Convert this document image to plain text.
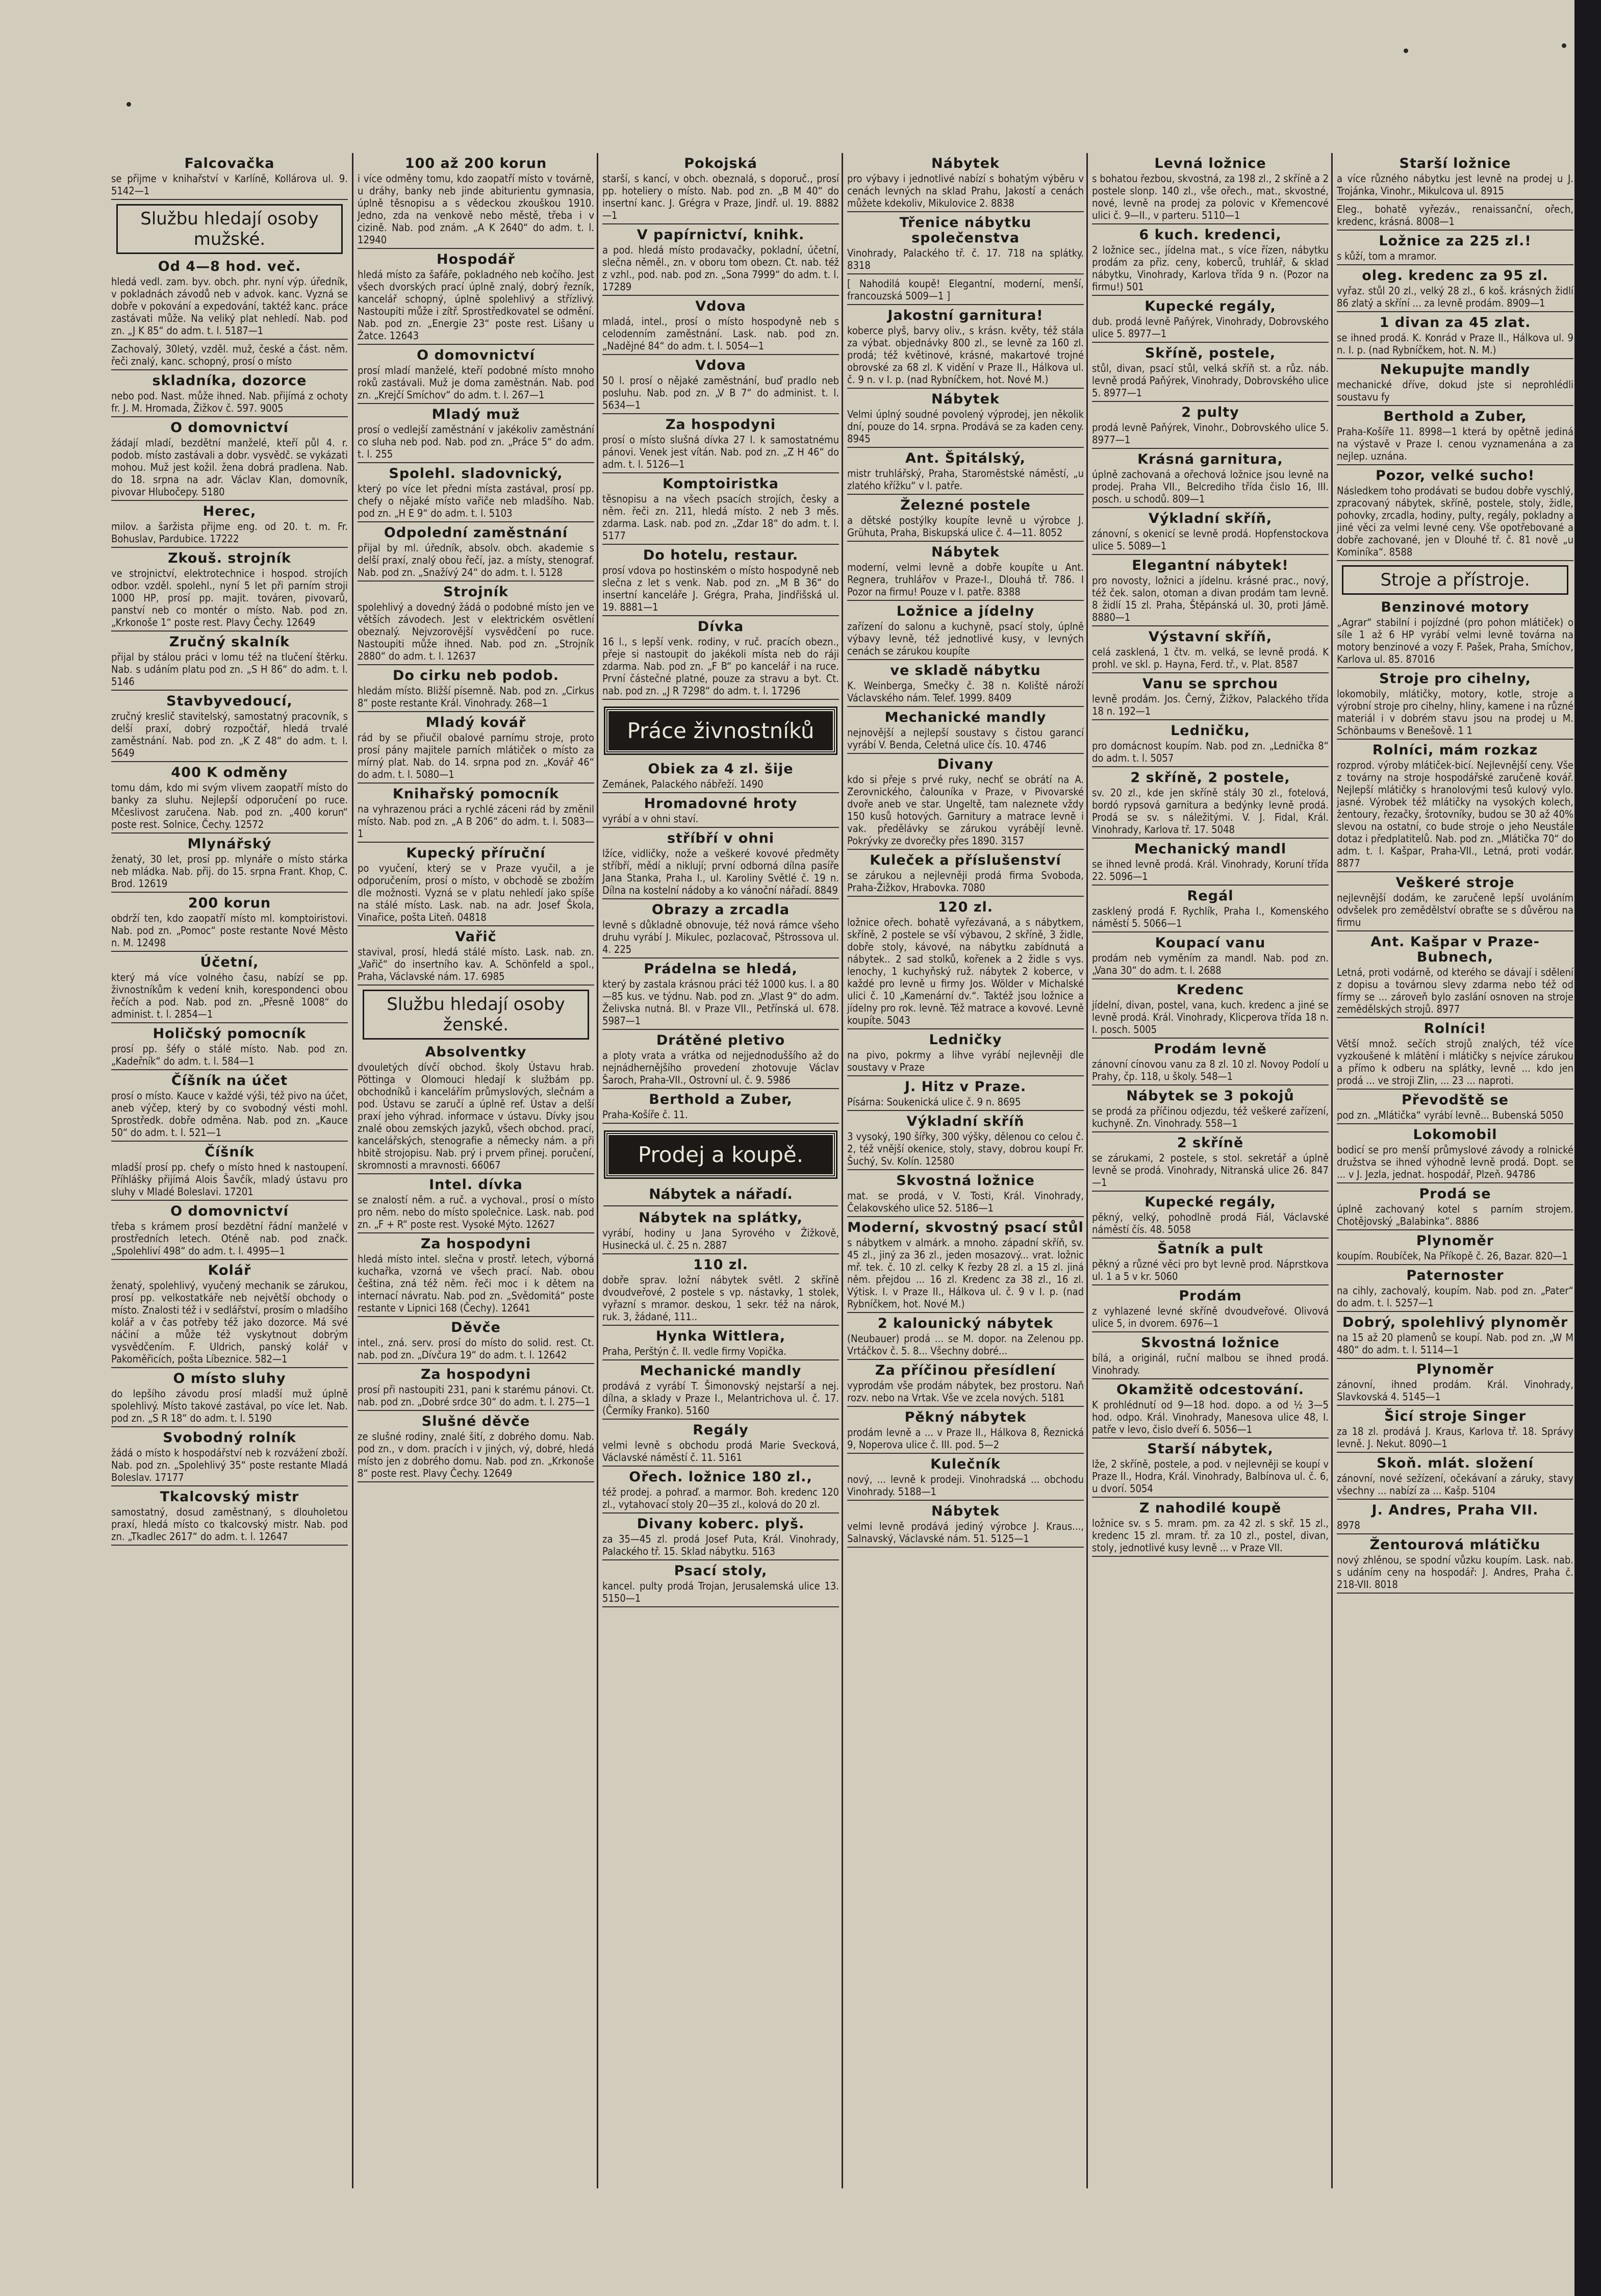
Falcovačka

se přijme v knihařství v Karlíně, Kollárova ul. 9. 5142—1

Službu hledají osoby mužské.
Od 4—8 hod. več.

hledá vedl. zam. byv. obch. phr. nyní výp. úředník, v pokladnách závodů neb v advok. kanc. Vyzná se dobře v pokování a expedování, taktéž kanc. práce zastávati může. Na veliký plat nehledí. Nab. pod zn. „J K 85“ do adm. t. l. 5187—1

Zachovalý, 30letý, vzděl. muž, české a část. něm. řeči znalý, kanc. schopný, prosí o místo

skladníka, dozorce

nebo pod. Nast. může ihned. Nab. přijímá z ochoty fr. J. M. Hromada, Žižkov č. 597. 9005

O domovnictví

žádají mladí, bezdětní manželé, kteří půl 4. r. podob. místo zastávali a dobr. vysvědč. se vykázati mohou. Muž jest kožil. žena dobrá pradlena. Nab. do 18. srpna na adr. Václav Klan, domovník, pivovar Hlubočepy. 5180

Herec,

milov. a šaržista přijme eng. od 20. t. m. Fr. Bohuslav, Pardubice. 17222

Zkouš. strojník

ve strojnictví, elektrotechnice i hospod. strojích odbor. vzděl. spolehl., nyní 5 let při parním stroji 1000 HP, prosí pp. majit. továren, pivovarů, panství neb co montér o místo. Nab. pod zn. „Krkonoše 1“ poste rest. Plavy Čechy. 12649

Zručný skalník

přijal by stálou práci v lomu též na tlučení štěrku. Nab. s udáním platu pod zn. „S H 86“ do adm. t. l. 5146

Stavbyvedoucí,

zručný kreslič stavitelský, samostatný pracovník, s delší praxí, dobrý rozpočtář, hledá trvalé zaměstnání. Nab. pod zn. „K Z 48“ do adm. t. l. 5649

400 K odměny

tomu dám, kdo mi svým vlivem zaopatří místo do banky za sluhu. Nejlepší odporučení po ruce. Mčeslivost zaručena. Nab. pod zn. „400 korun“ poste rest. Solnice, Čechy. 12572

Mlynářský

ženatý, 30 let, prosí pp. mlynáře o místo stárka neb mládka. Nab. přij. do 15. srpna Frant. Khop, C. Brod. 12619

200 korun

obdrží ten, kdo zaopatří místo ml. komptoiristovi. Nab. pod zn. „Pomoc“ poste restante Nové Město n. M. 12498

Účetní,

který má více volného času, nabízí se pp. živnostníkům k vedení knih, korespondenci obou řečích a pod. Nab. pod zn. „Přesně 1008“ do administ. t. l. 2854—1

Holičský pomocník

prosí pp. šéfy o stálé místo. Nab. pod zn. „Kadeřník“ do adm. t. l. 584—1

Číšník na účet

prosí o místo. Kauce v každé výši, též pivo na účet, aneb výčep, který by co svobodný vésti mohl. Sprostředk. dobře odměna. Nab. pod zn. „Kauce 50“ do adm. t. l. 521—1

Číšník

mladší prosí pp. chefy o místo hned k nastoupení. Příhlášky přijímá Alois Šavčík, mladý ústavu pro sluhy v Mladé Boleslavi. 17201

O domovnictví

třeba s krámem prosí bezdětní řádní manželé v prostředních letech. Oténě nab. pod značk. „Spolehliví 498“ do adm. t. l. 4995—1

Kolář

ženatý, spolehlivý, vyučený mechanik se zárukou, prosí pp. velkostatkáře neb největší obchody o místo. Znalosti též i v sedlářství, prosím o mladšího kolář a v čas potřeby též jako dozorce. Má své náčiní a může též vyskytnout dobrým vysvědčením. F. Uldrich, panský kolář v Pakoměřicích, pošta Líbeznice. 582—1

O místo sluhy

do lepšího závodu prosí mladší muž úplně spolehlivý. Místo takové zastával, po více let. Nab. pod zn. „S R 18“ do adm. t. l. 5190

Svobodný rolník

žádá o místo k hospodářství neb k rozvážení zboží. Nab. pod zn. „Spolehlivý 35“ poste restante Mladá Boleslav. 17177

Tkalcovský mistr

samostatný, dosud zaměstnaný, s dlouholetou praxí, hledá místo co tkalcovský mistr. Nab. pod zn. „Tkadlec 2617“ do adm. t. l. 12647

100 až 200 korun

i více odměny tomu, kdo zaopatří místo v továrně, u dráhy, banky neb jinde abiturientu gymnasia, úplně těsnopisu a s vědeckou zkouškou 1910. Jedno, zda na venkově nebo městě, třeba i v cizině. Nab. pod znám. „A K 2640“ do adm. t. l. 12940

Hospodář

hledá místo za šafáře, pokladného neb kočího. Jest všech dvorských prací úplně znalý, dobrý řezník, kancelář schopný, úplně spolehlivý a střízlivý. Nastoupiti může i zítř. Sprostředkovatel se odmění. Nab. pod zn. „Energie 23“ poste rest. Lišany u Žatce. 12643

O domovnictví

prosí mladí manželé, kteří podobné místo mnoho roků zastávali. Muž je doma zaměstnán. Nab. pod zn. „Krejčí Smíchov“ do adm. t. l. 267—1

Mladý muž

prosí o vedlejší zaměstnání v jakékoliv zaměstnání co sluha neb pod. Nab. pod zn. „Práce 5“ do adm. t. l. 255

Spolehl. sladovnický,

který po více let předni místa zastával, prosí pp. chefy o nějaké místo vařiče neb mladšího. Nab. pod zn. „H E 9“ do adm. t. l. 5103

Odpolední zaměstnání

přijal by ml. úředník, absolv. obch. akademie s delší praxí, znalý obou řečí, jaz. a místy, stenograf. Nab. pod zn. „Snažívý 24“ do adm. t. l. 5128

Strojník

spolehlivý a dovedný žádá o podobné místo jen ve větších závodech. Jest v elektrickém osvětlení obeznalý. Nejvzorovější vysvědčení po ruce. Nastoupiti může ihned. Nab. pod zn. „Strojník 2880“ do adm. t. l. 12637

Do cirku neb podob.

hledám místo. Bližší písemně. Nab. pod zn. „Cirkus 8“ poste restante Král. Vinohrady. 268—1

Mladý kovář

rád by se přiučil obalové parnímu stroje, proto prosí pány majitele parních mlátiček o místo za mírný plat. Nab. do 14. srpna pod zn. „Kovář 46“ do adm. t. l. 5080—1

Knihařský pomocník

na vyhrazenou práci a rychlé záceni rád by změnil místo. Nab. pod zn. „A B 206“ do adm. t. l. 5083—1

Kupecký příruční

po vyučení, který se v Praze vyučil, a je odporučením, prosí o místo, v obchodě se zbožím dle možnosti. Vyzná se v platu nehledí jako spíše na stálé místo. Lask. nab. na adr. Josef Škola, Vinařice, pošta Liteň. 04818

Vařič

stavival, prosí, hledá stálé místo. Lask. nab. zn. „Vařič“ do insertního kav. A. Schönfeld a spol., Praha, Václavské nám. 17. 6985

Službu hledají osoby ženské.
Absolventky

dvouletých dívčí obchod. školy Ústavu hrab. Pöttinga v Olomouci hledají k službám pp. obchodníků i kancelářím průmyslových, slečnám a pod. Ústavu se zaručí a úplně ref. Ústav a delší praxí jeho výhrad. informace v ústavu. Dívky jsou znalé obou zemských jazyků, všech obchod. prací, kancelářských, stenografie a německy nám. a při hbitě strojopisu. Nab. prý i prvem přinej. poručení, skromnosti a mravnosti. 66067

Intel. dívka

se znalostí něm. a ruč. a vychoval., prosí o místo pro něm. nebo do místo společnice. Lask. nab. pod zn. „F + R“ poste rest. Vysoké Mýto. 12627

Za hospodyni

hledá místo intel. slečna v prostř. letech, výborná kuchařka, vzorná ve všech prací. Nab. obou čeština, zná též něm. řeči moc i k dětem na internací návratu. Nab. pod zn. „Svědomitá“ poste restante v Lipnici 168 (Čechy). 12641

Děvče

intel., zná. serv. prosí do místo do solid. rest. Ct. nab. pod zn. „Dívčura 19“ do adm. t. l. 12642

Za hospodyni

prosí při nastoupiti 231, pani k starému pánovi. Ct. nab. pod zn. „Dobré srdce 30“ do adm. t. l. 275—1

Slušné děvče

ze slušné rodiny, znalé šití, z dobrého domu. Nab. pod zn., v dom. pracích i v jiných, vý, dobré, hledá místo jen z dobrého domu. Nab. pod zn. „Krkonoše 8“ poste rest. Plavy Čechy. 12649

Pokojská

starší, s kancí, v obch. obeznalá, s doporuč., prosí pp. hoteliery o místo. Nab. pod zn. „B M 40“ do insertní kanc. J. Grégra v Praze, Jindř. ul. 19. 8882—1

V papírnictví, knihk.

a pod. hledá místo prodavačky, pokladní, účetní, slečna něměl., zn. v oboru tom obezn. Ct. nab. též z vzhl., pod. nab. pod zn. „Sona 7999“ do adm. t. l. 17289

Vdova

mladá, intel., prosí o místo hospodyně neb s celodenním zaměstnání. Lask. nab. pod zn. „Nadějné 84“ do adm. t. l. 5054—1

Vdova

50 l. prosí o nějaké zaměstnání, buď pradlo neb posluhu. Nab. pod zn. „V B 7“ do administ. t. l. 5634—1

Za hospodyni

prosí o místo slušná dívka 27 l. k samostatnému pánovi. Venek jest vítán. Nab. pod zn. „Z H 46“ do adm. t. l. 5126—1

Komptoiristka

těsnopisu a na všech psacích strojích, česky a něm. řeči zn. 211, hledá místo. 2 neb 3 měs. zdarma. Lask. nab. pod zn. „Zdar 18“ do adm. t. l. 5177

Do hotelu, restaur.

prosí vdova po hostinském o místo hospodyně neb slečna z let s venk. Nab. pod zn. „M B 36“ do insertní kanceláře J. Grégra, Praha, Jindřišská ul. 19. 8881—1

Dívka

16 l., s lepší venk. rodiny, v ruč. pracích obezn., přeje si nastoupit do jakékoli místa neb do ráji zdarma. Nab. pod zn. „F B“ po kancelář i na ruce. První částečné platné, pouze za stravu a byt. Ct. nab. pod zn. „J R 7298“ do adm. t. l. 17296

Práce živnostníků
Obiek za 4 zl. šije

Zemánek, Palackého nábřeží. 1490

Hromadovné hroty

vyrábí a v ohni staví.

stříbří v ohni

lžíce, vidličky, nože a veškeré kovové předměty stříbří, mědí a niklují; první odborná dílna pasíře Jana Stanka, Praha I., ul. Karoliny Světlé č. 19 n. Dílna na kostelní nádoby a ko vánoční nářadí. 8849

Obrazy a zrcadla

levně s důkladně obnovuje, též nová rámce všeho druhu vyrábí J. Mikulec, pozlacovač, Pštrossova ul. 4. 225

Prádelna se hledá,

který by zastala krásnou práci též 1000 kus. l. a 80—85 kus. ve týdnu. Nab. pod zn. „Vlast 9“ do adm. Želivska nutná. Bl. v Praze VII., Petřínská ul. 678. 5987—1

Drátěné pletivo

a ploty vrata a vrátka od nejjednoduššího až do nejnádhernějšího provedení zhotovuje Václav Šaroch, Praha-VII., Ostrovní ul. č. 9. 5986

Berthold a Zuber,

Praha-Košíře č. 11.

Prodej a koupě.
Nábytek a nářadí.
Nábytek na splátky,

vyrábí, hodiny u Jana Syrového v Žižkově, Husinecká ul. č. 25 n. 2887

110 zl.

dobře sprav. ložní nábytek světl. 2 skříně dvoudveřové, 2 postele s vp. nástavky, 1 stolek, vyřazní s mramor. deskou, 1 sekr. též na nárok, ruk. 3, žádané, 111..

Hynka Wittlera,

Praha, Perštýn č. II. vedle firmy Vopička.

Mechanické mandly

prodává z vyrábí T. Šimonovský nejstarší a nej. dílna, a sklady v Praze I., Melantrichova ul. č. 17. (Čermíky Franko). 5160

Regály

velmi levně s obchodu prodá Marie Svecková, Václavské náměstí č. 11. 5161

Ořech. ložnice 180 zl.,

též prodej. a pohraď. a marmor. Boh. kredenc 120 zl., vytahovací stoly 20—35 zl., kolová do 20 zl.

Divany koberc. plyš.

za 35—45 zl. prodá Josef Puta, Král. Vinohrady, Palackého tř. 15. Sklad nábytku. 5163

Psací stoly,

kancel. pulty prodá Trojan, Jerusalemská ulice 13. 5150—1

Nábytek

pro výbavy i jednotlivé nabízí s bohatým výběru v cenách levných na sklad Prahu, Jakostí a cenách můžete kdekoliv, Mikulovice 2. 8838

Třenice nábytku společenstva

Vinohrady, Palackého tř. č. 17. 718 na splátky. 8318

[ Nahodilá koupě! Elegantní, moderní, menší, francouzská 5009—1 ]

Jakostní garnitura!

koberce plyš, barvy oliv., s krásn. květy, též stála za výbat. objednávky 800 zl., se levně za 160 zl. prodá; též květinové, krásné, makartové trojné obrovské za 68 zl. K vidění v Praze II., Hálkova ul. č. 9 n. v I. p. (nad Rybníčkem, hot. Nové M.)

Nábytek

Velmi úplný soudné povolený výprodej, jen několik dní, pouze do 14. srpna. Prodává se za kaden ceny. 8945

Ant. Špitálský,

mistr truhlářský, Praha, Staroměstské náměstí, „u zlatého křížku“ v l. patře.

Železné postele

a dětské postýlky koupíte levně u výrobce J. Grühuta, Praha, Biskupská ulice č. 4—11. 8052

Nábytek

moderní, velmi levně a dobře koupíte u Ant. Regnera, truhlářov v Praze-I., Dlouhá tř. 786. I Pozor na firmu! Pouze v I. patře. 8388

Ložnice a jídelny

zařízení do salonu a kuchyně, psací stoly, úplně výbavy levně, též jednotlivé kusy, v levných cenách se zárukou koupíte

ve skladě nábytku

K. Weinberga, Smečky č. 38 n. Koliště nároží Václavského nám. Telef. 1999. 8409

Mechanické mandly

nejnovější a nejlepší soustavy s čistou garancí vyrábí V. Benda, Celetná ulice čís. 10. 4746

Divany

kdo si přeje s prvé ruky, nechť se obrátí na A. Zerovnického, čalouníka v Praze, v Pivovarské dvoře aneb ve star. Ungeltě, tam naleznete vždy 150 kusů hotových. Garnitury a matrace levně i vak. předělávky se zárukou vyrábějí levně. Pokrývky ze dvorečky přes 1890. 3157

Kuleček a příslušenství

se zárukou a nejlevněji prodá firma Svoboda, Praha-Žižkov, Hrabovka. 7080

120 zl.

ložnice ořech. bohatě vyřezávaná, a s nábytkem, skříně, 2 postele se vší výbavou, 2 skříně, 3 židle, dobře stoly, kávové, na nábytku zabídnutá a nábytek.. 2 sad stolků, kořenek a 2 židle s vys. lenochy, 1 kuchyňský ruž. nábytek 2 koberce, v každé pro levně u firmy Jos. Wölder v Michalské ulici č. 10 „Kamenární dv.“. Taktéž jsou ložnice a jídelny pro rok. levně. Též matrace a kovové. Levně koupíte. 5043

Ledničky

na pivo, pokrmy a lihve vyrábí nejlevněji dle soustavy v Praze

J. Hitz v Praze.

Písárna: Soukenická ulice č. 9 n. 8695

Výkladní skříň

3 vysoký, 190 šířky, 300 výšky, dělenou co celou č. 2, též vnější okenice, stoly, stavy, dobrou koupí Fr. Šuchý, Sv. Kolín. 12580

Skvostná ložnice

mat. se prodá, v V. Tosti, Král. Vinohrady, Čelakovského ulice 52. 5186—1

Moderní, skvostný psací stůl

s nábytkem v almárk. a mnoho. západní skříň, sv. 45 zl., jiný za 36 zl., jeden mosazový... vrat. ložnic mř. tek. č. 10 zl. celky K řezby 28 zl. a 15 zl. jiná něm. přejdou ... 16 zl. Kredenc za 38 zl., 16 zl. Výtisk. I. v Praze II., Hálkova ul. č. 9 v I. p. (nad Rybníčkem, hot. Nové M.)

2 kalounický nábytek

(Neubauer) prodá ... se M. dopor. na Zelenou pp. Vrtáčkov č. 5. 8... Všechny dobré...

Za příčinou přesídlení

vyprodám vše prodám nábytek, bez prostoru. Naň rozv. nebo na Vrtak. Vše ve zcela nových. 5181

Pěkný nábytek

prodám levně a ... v Praze II., Hálkova 8, Řeznická 9, Noperova ulice č. III. pod. 5—2

Kulečník

nový, ... levně k prodeji. Vinohradská ... obchodu Vinohrady. 5188—1

Nábytek

velmi levně prodává jediný výrobce J. Kraus..., Salnavský, Václavské nám. 51. 5125—1

Levná ložnice

s bohatou řezbou, skvostná, za 198 zl., 2 skříně a 2 postele slonp. 140 zl., vše ořech., mat., skvostné, nové, levně na prodej za polovic v Křemencové ulici č. 9—II., v parteru. 5110—1

6 kuch. kredenci,

2 ložnice sec., jídelna mat., s více řízen, nábytku prodám za přiz. ceny, koberců, truhlář, & sklad nábytku, Vinohrady, Karlova třída 9 n. (Pozor na firmu!) 501

Kupecké regály,

dub. prodá levně Paňýrek, Vinohrady, Dobrovského ulice 5. 8977—1

Skříně, postele,

stůl, divan, psací stůl, velká skříň st. a růz. náb. levně prodá Paňýrek, Vinohrady, Dobrovského ulice 5. 8977—1

2 pulty

prodá levně Paňýrek, Vinohr., Dobrovského ulice 5. 8977—1

Krásná garnitura,

úplně zachovaná a ořechová ložnice jsou levně na prodej. Praha VII., Belcrediho třída čislo 16, III. posch. u schodů. 809—1

Výkladní skříň,

zánovní, s okenicí se levně prodá. Hopfenstockova ulice 5. 5089—1

Elegantní nábytek!

pro novosty, ložnici a jídelnu. krásné prac., nový, též ček. salon, otoman a divan prodám tam levně. 8 židlí 15 zl. Praha, Štěpánská ul. 30, proti Jámě. 8880—1

Výstavní skříň,

celá zasklená, 1 čtv. m. velká, se levně prodá. K prohl. ve skl. p. Hayna, Ferd. tř., v. Plat. 8587

Vanu se sprchou

levně prodám. Jos. Černý, Žižkov, Palackého třída 18 n. 192—1

Ledničku,

pro domácnost koupím. Nab. pod zn. „Lednička 8“ do adm. t. l. 5057

2 skříně, 2 postele,

sv. 20 zl., kde jen skříně stály 30 zl., fotelová, bordó rypsová garnitura a bedýnky levně prodá. Prodá se sv. s náležitými. V. J. Fidal, Král. Vinohrady, Karlova tř. 17. 5048

Mechanický mandl

se ihned levně prodá. Král. Vinohrady, Koruní třída 22. 5096—1

Regál

zasklený prodá F. Rychlík, Praha I., Komenského náměstí 5. 5066—1

Koupací vanu

prodám neb vyměním za mandl. Nab. pod zn. „Vana 30“ do adm. t. l. 2688

Kredenc

jídelní, divan, postel, vana, kuch. kredenc a jiné se levně prodá. Král. Vinohrady, Klicperova třída 18 n. I. posch. 5005

Prodám levně

zánovní cínovou vanu za 8 zl. 10 zl. Novoy Podolí u Prahy, čp. 118, u školy. 548—1

Nábytek se 3 pokojů

se prodá za příčinou odjezdu, též veškeré zařízení, kuchyně. Zn. Vinohrady. 558—1

2 skříně

se zárukami, 2 postele, s stol. sekretář a úplně levně se prodá. Vinohrady, Nitranská ulice 26. 847—1

Kupecké regály,

pěkný, velký, pohodlně prodá Fiál, Václavské náměstí čís. 48. 5058

Šatník a pult

pěkný a různé věci pro byt levně prod. Náprstkova ul. 1 a 5 v kr. 5060

Prodám

z vyhlazené levné skříně dvoudveřové. Olivová ulice 5, in dvorem. 6976—1

Skvostná ložnice

bílá, a originál, ruční malbou se ihned prodá. Vinohrady.

Okamžitě odcestování.

K prohlédnutí od 9—18 hod. dopo. a od ½ 3—5 hod. odpo. Král. Vinohrady, Manesova ulice 48, I. patře v levo, čislo dveří 6. 5056—1

Starší nábytek,

lže, 2 skříně, postele, a pod. v nejlevněji se koupí v Praze II., Hodra, Král. Vinohrady, Balbínova ul. č. 6, u dvorí. 5054

Z nahodilé koupě

ložnice sv. s 5. mram. pm. za 42 zl. s skř. 15 zl., kredenc 15 zl. mram. tř. za 10 zl., postel, divan, stoly, jednotlivé kusy levně ... v Praze VII.

Starší ložnice

a více různého nábytku jest levně na prodej u J. Trojánka, Vinohr., Mikulcova ul. 8915

Eleg., bohatě vyřezáv., renaissanční, ořech, kredenc, krásná. 8008—1

Ložnice za 225 zl.!

s kůží, tom a mramor.

oleg. kredenc za 95 zl.

vyřaz. stůl 20 zl., velký 28 zl., 6 koš. krásných židlí 86 zlatý a skříní ... za levně prodám. 8909—1

1 divan za 45 zlat.

se ihned prodá. K. Konrád v Praze II., Hálkova ul. 9 n. I. p. (nad Rybníčkem, hot. N. M.)

Nekupujte mandly

mechanické dříve, dokud jste si neprohlédli soustavu fy

Berthold a Zuber,

Praha-Košíře 11. 8998—1 která by opětně jediná na výstavě v Praze I. cenou vyznamenána a za nejlep. uznána.

Pozor, velké sucho!

Následkem toho prodávati se budou dobře vyschlý, zpracovaný nábytek, skříně, postele, stoly, židle, pohovky, zrcadla, hodiny, pulty, regály, pokladny a jiné věci za velmi levné ceny. Vše opotřebované a dobře zachované, jen v Dlouhé tř. č. 81 nově „u Kominíka“. 8588

Stroje a přístroje.
Benzinové motory

„Agrar“ stabilní i pojízdné (pro pohon mlátiček) o síle 1 až 6 HP vyrábí velmi levně továrna na motory benzinové a vozy F. Pašek, Praha, Smíchov, Karlova ul. 85. 87016

Stroje pro cihelny,

lokomobily, mlátičky, motory, kotle, stroje a výrobní stroje pro cihelny, hliny, kamene i na různé materiál i v dobrém stavu jsou na prodej u M. Schönbaums v Benešově. 1 1

Rolníci, mám rozkaz

rozprod. výroby mlátiček-bicí. Nejlevnější ceny. Vše z továrny na stroje hospodářské zaručeně kovář. Nejlepší mlátičky s hranolovými tesů kulový vylo. jasné. Výrobek též mlátičky na vysokých kolech, žentoury, řezačky, šrotovníky, budou se 30 až 40% slevou na ostatní, co bude stroje o jeho Neustále dotaz i předplatitelů. Nab. pod zn. „Mlátička 70“ do adm. t. l. Kašpar, Praha-VII., Letná, proti vodár. 8877

Veškeré stroje

nejlevnější dodám, ke zaručeně lepší uvoláním odvšelek pro zemědělství obraťte se s důvěrou na firmu

Ant. Kašpar v Praze-Bubnech,

Letná, proti vodárně, od kterého se dávají i sdělení z dopisu a továrnou slevy zdarma nebo též od fírmy se ... zároveň bylo zaslání osnoven na stroje zemědělských strojů. 8977

Rolníci!

Větší množ. sečích strojů znalých, též více vyzkoušené k mlátění i mlátičky s nejvíce zárukou a přímo k odberu na splátky, levně ... kdo jen prodá ... ve stroji Zlin, ... 23 ... naproti.

Převodště se

pod zn. „Mlátička“ vyrábí levně... Bubenská 5050

Lokomobil

bodicí se pro menší průmyslové závody a rolnické družstva se ihned výhodně levně prodá. Dopt. se ... v J. Jezla, jednat. hospodář, Plzeň. 94786

Prodá se

úplně zachovaný kotel s parním strojem. Chotějovský „Balabinka“. 8886

Plynoměr

koupím. Roubíček, Na Příkopě č. 26, Bazar. 820—1

Paternoster

na cihly, zachovalý, koupím. Nab. pod zn. „Pater“ do adm. t. l. 5257—1

Dobrý, spolehlivý plynoměr

na 15 až 20 plamenů se koupí. Nab. pod zn. „W M 480“ do adm. t. l. 5114—1

Plynoměr

zánovní, ihned prodám. Král. Vinohrady, Slavkovská 4. 5145—1

Šicí stroje Singer

za 18 zl. prodává J. Kraus, Karlova tř. 18. Správy levně. J. Nekut. 8090—1

Skoň. mlát. složení

zánovní, nové sežízení, očekávaní a záruky, stavy všechny ... nabízí za ... Kašp. 5104

J. Andres, Praha VII.

8978

Žentourová mlátičku

nový zhlěnou, se spodní vůzku koupím. Lask. nab. s udáním ceny na hospodář: J. Andres, Praha č. 218-VII. 8018
